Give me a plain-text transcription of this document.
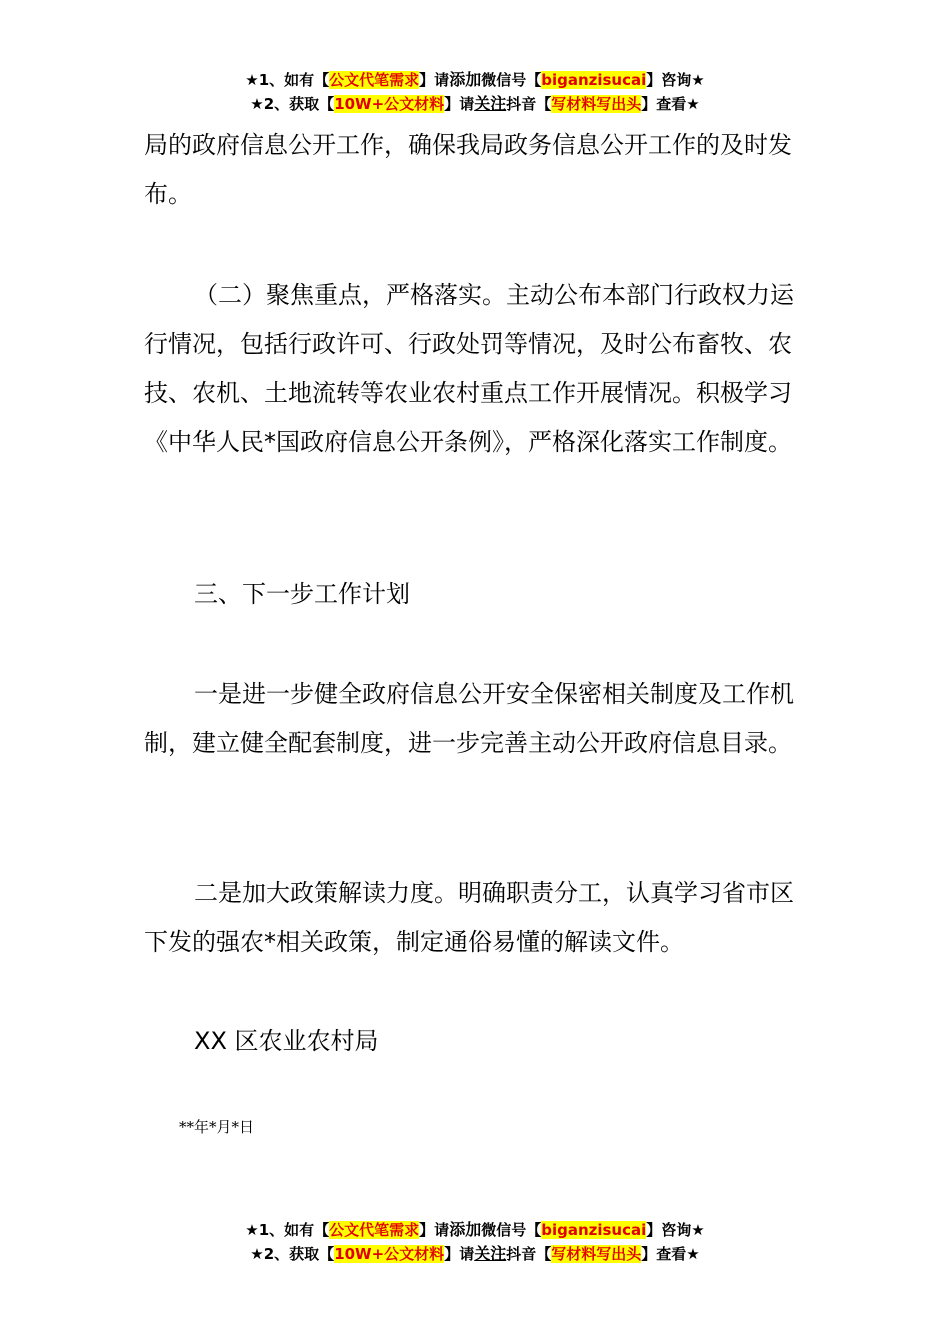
★1、如有【公文代笔需求】请添加微信号【biganzisucai】咨询★
★2、获取【10W+公文材料】请关注抖音【写材料写出头】查看★

局的政府信息公开工作，确保我局政务信息公开工作的及时发布。

（二）聚焦重点，严格落实。主动公布本部门行政权力运行情况，包括行政许可、行政处罚等情况，及时公布畜牧、农技、农机、土地流转等农业农村重点工作开展情况。积极学习《中华人民*国政府信息公开条例》，严格深化落实工作制度。

三、下一步工作计划

一是进一步健全政府信息公开安全保密相关制度及工作机制，建立健全配套制度，进一步完善主动公开政府信息目录。

二是加大政策解读力度。明确职责分工，认真学习省市区下发的强农*相关政策，制定通俗易懂的解读文件。

XX 区农业农村局

**年*月*日
★1、如有【公文代笔需求】请添加微信号【biganzisucai】咨询★
★2、获取【10W+公文材料】请关注抖音【写材料写出头】查看★
